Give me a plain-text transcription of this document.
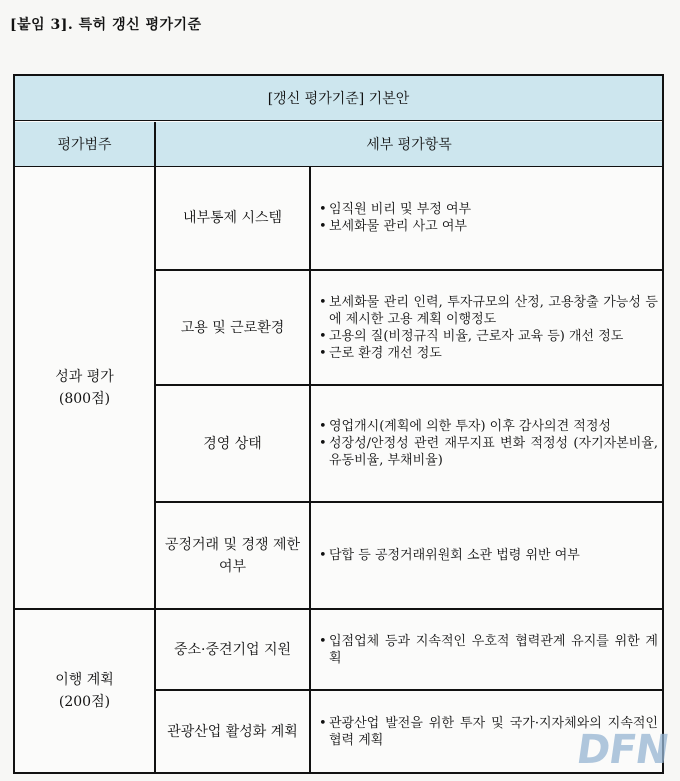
[붙임 3]. 특허 갱신 평가기준
[갱신 평가기준] 기본안
평가범주	세부 평가항목
성과 평가
(800점)
내부통제 시스템
• 임직원 비리 및 부정 여부
• 보세화물 관리 사고 여부
고용 및 근로환경
• 보세화물 관리 인력, 투자규모의 산정, 고용창출 가능성 등에 제시한 고용 계획 이행정도
• 고용의 질(비정규직 비율, 근로자 교육 등) 개선 정도
• 근로 환경 개선 정도
경영 상태
• 영업개시(계획에 의한 투자) 이후 감사의견 적정성
• 성장성/안정성 관련 재무지표 변화 적정성 (자기자본비율, 유동비율, 부채비율)
공정거래 및 경쟁 제한 여부
• 담합 등 공정거래위원회 소관 법령 위반 여부
이행 계획
(200점)
중소·중견기업 지원
• 입점업체 등과 지속적인 우호적 협력관계 유지를 위한 계획
관광산업 활성화 계획
• 관광산업 발전을 위한 투자 및 국가·지자체와의 지속적인 협력 계획	DFN
